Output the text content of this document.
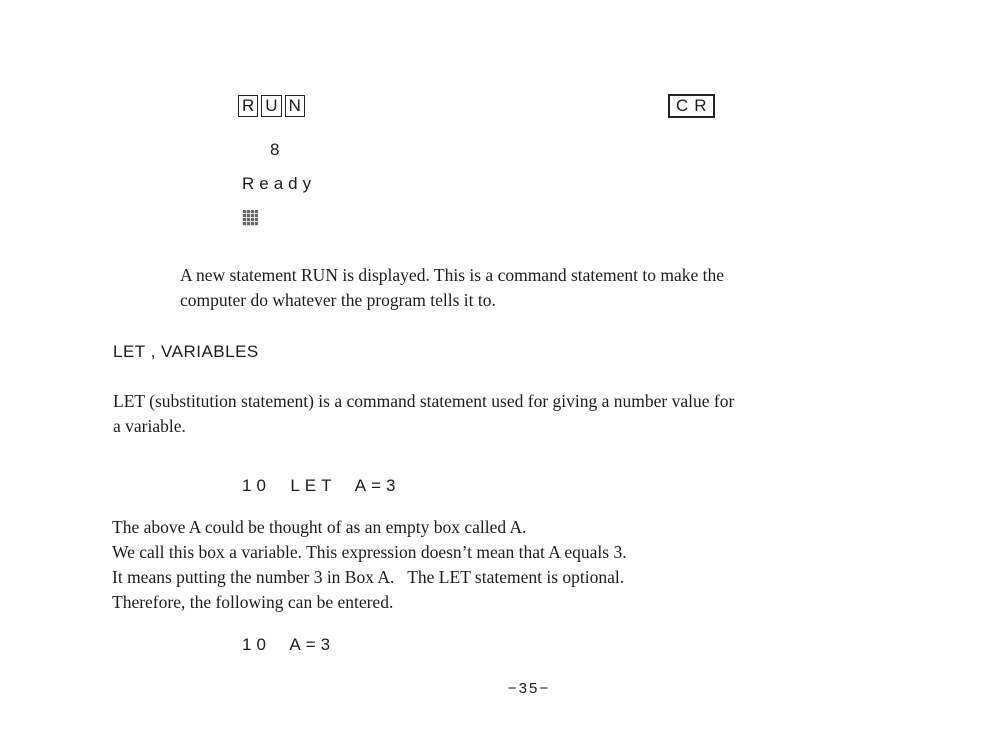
R U N	CR
8
Ready

A new statement RUN is displayed. This is a command statement to make the

computer do whatever the program tells it to.

LET , VARIABLES

LET (substitution statement) is a command statement used for giving a number value for

a variable.

10  LET  A=3

The above A could be thought of as an empty box called A.

We call this box a variable. This expression doesn’t mean that A equals 3.

It means putting the number 3 in Box A.   The LET statement is optional.

Therefore, the following can be entered.

10  A=3
−35−
